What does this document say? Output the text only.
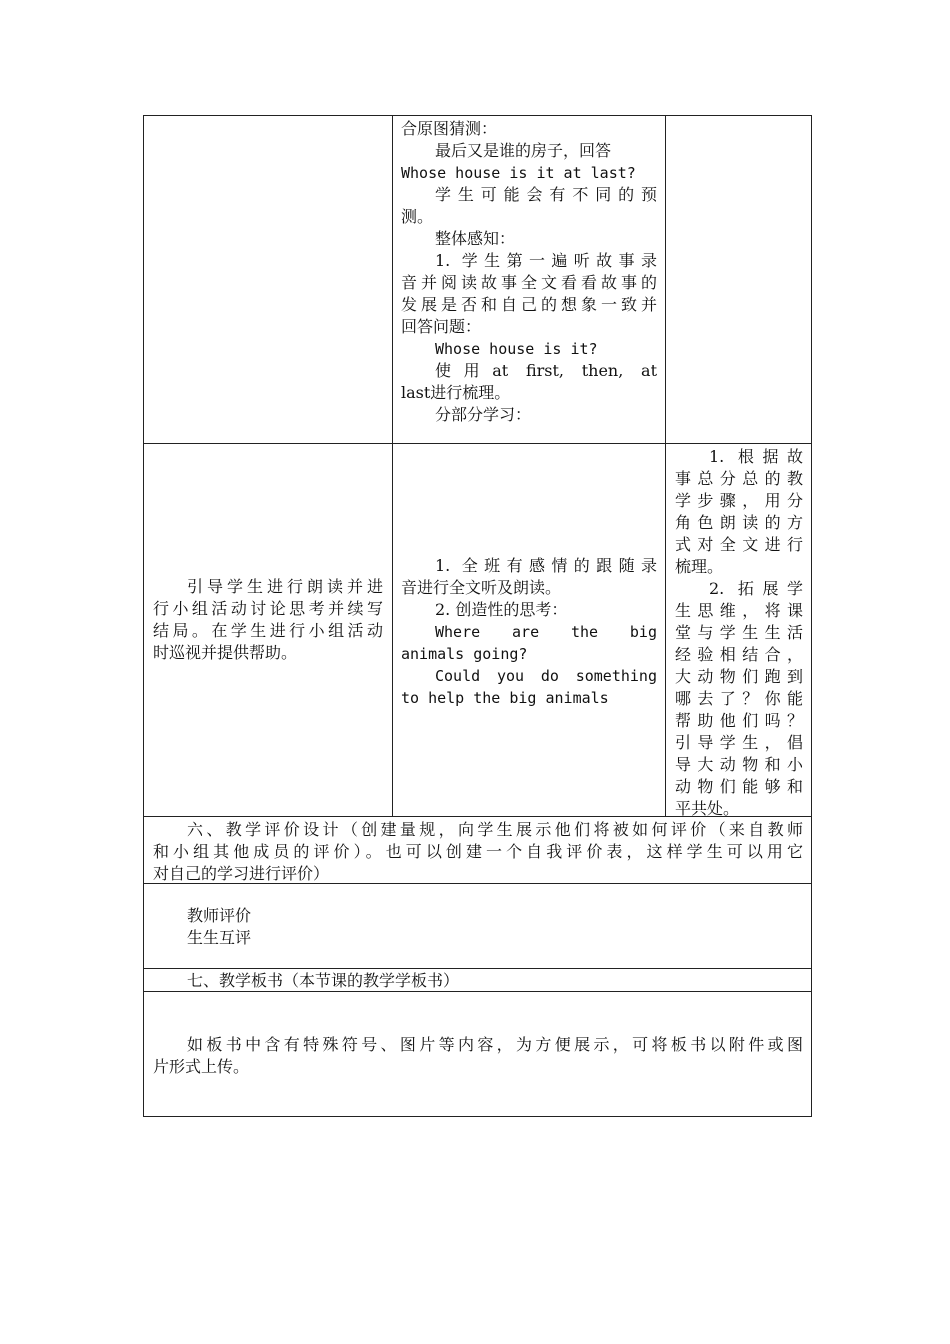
合原图猜测：
最后又是谁的房子，回答
Whose house is it at last?
学生可能会有不同的预
测。
整体感知：
1. 学生第一遍听故事录
音并阅读故事全文看看故事的
发展是否和自己的想象一致并
回答问题：
Whose house is it?
使用at first, then, at
last进行梳理。
分部分学习：
引导学生进行朗读并进
行小组活动讨论思考并续写
结局。在学生进行小组活动
时巡视并提供帮助。
1. 全班有感情的跟随录
音进行全文听及朗读。
2. 创造性的思考：
Where are the big
animals going?
Could you do something
to help the big animals
1. 根据故
事总分总的教
学步骤，用分
角色朗读的方
式对全文进行
梳理。
2. 拓展学
生思维，将课
堂与学生生活
经验相结合，
大动物们跑到
哪去了？你能
帮助他们吗？
引导学生，倡
导大动物和小
动物们能够和
平共处。
六、教学评价设计（创建量规，向学生展示他们将被如何评价（来自教师
和小组其他成员的评价）。也可以创建一个自我评价表，这样学生可以用它
对自己的学习进行评价）
教师评价
生生互评
七、教学板书（本节课的教学学板书）
如板书中含有特殊符号、图片等内容，为方便展示，可将板书以附件或图
片形式上传。
